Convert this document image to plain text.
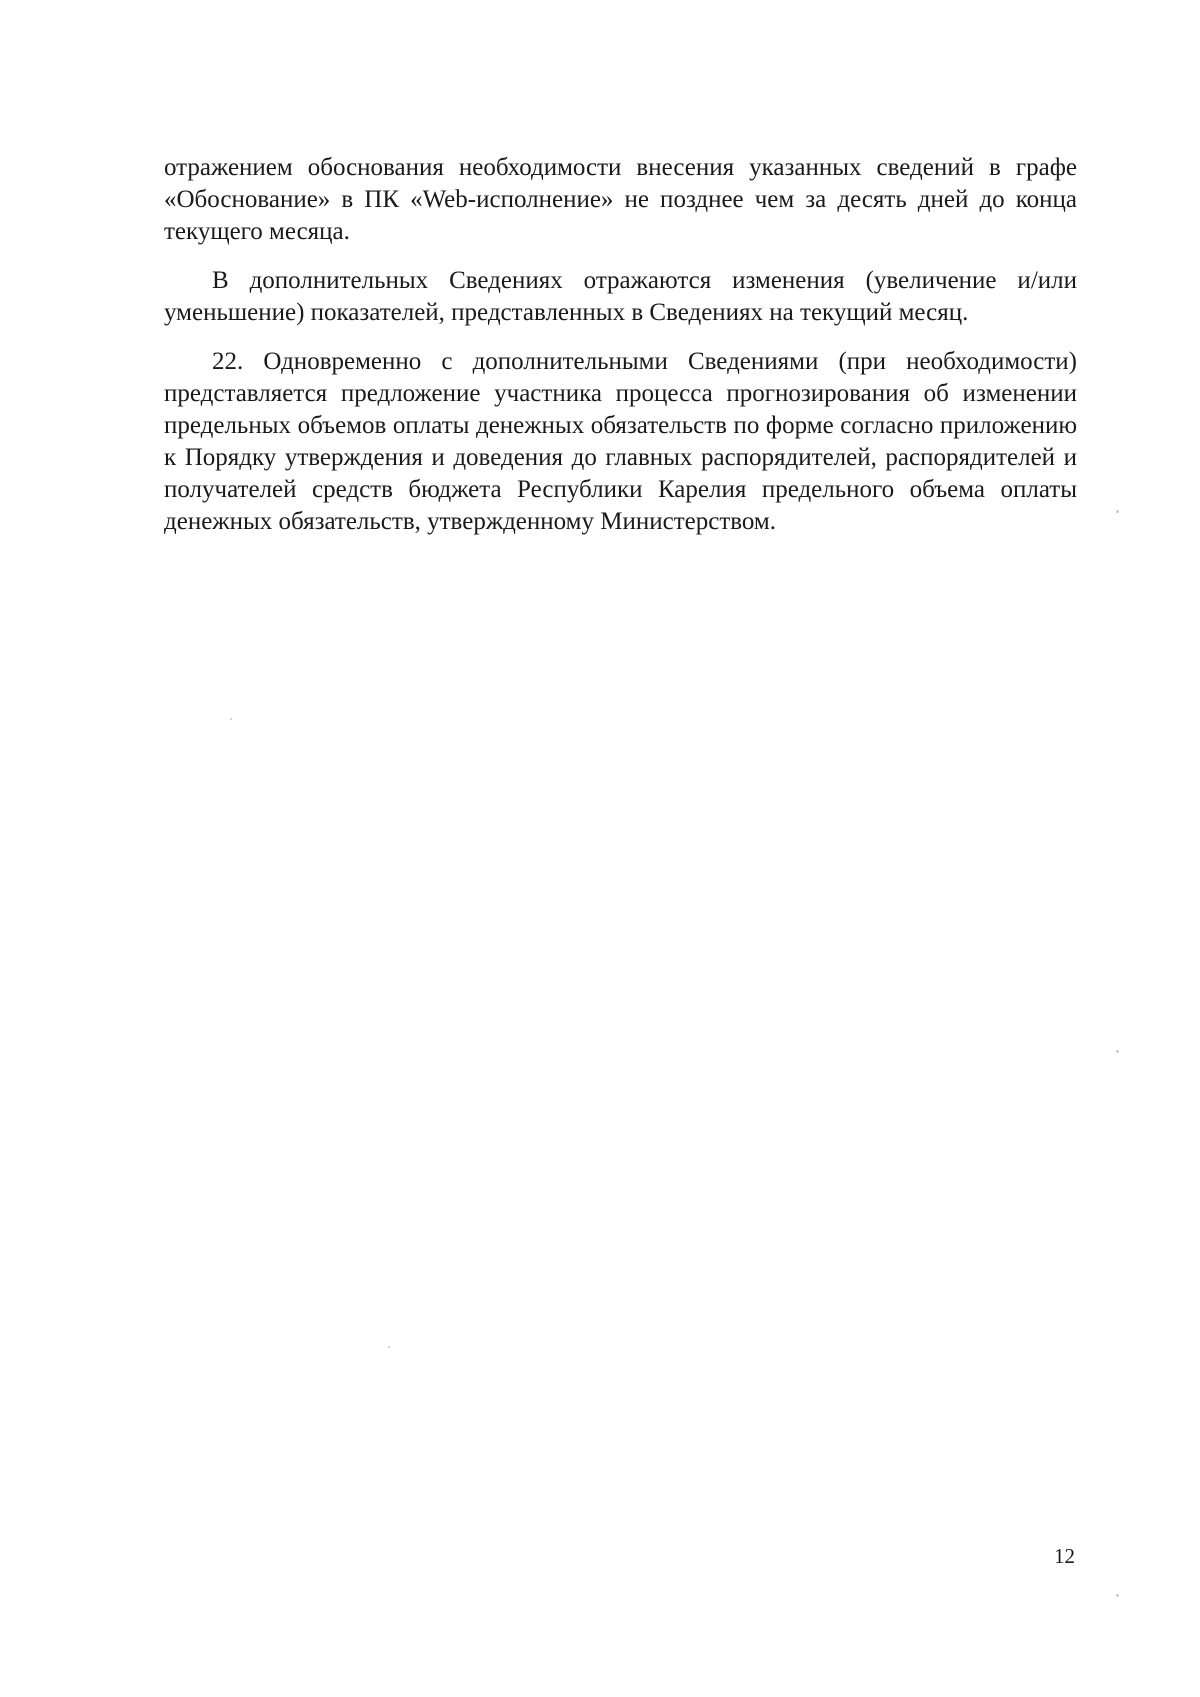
отражением обоснования необходимости внесения указанных сведений в графе «Обоснование» в ПК «Web-исполнение» не позднее чем за десять дней до конца текущего месяца.

В дополнительных Сведениях отражаются изменения (увеличение и/или уменьшение) показателей, представленных в Сведениях на текущий месяц.

22. Одновременно с дополнительными Сведениями (при необходимости) представляется предложение участника процесса прогнозирования об изменении предельных объемов оплаты денежных обязательств по форме согласно приложению к Порядку утверждения и доведения до главных распорядителей, распорядителей и получателей средств бюджета Республики Карелия предельного объема оплаты денежных обязательств, утвержденному Министерством.

12
